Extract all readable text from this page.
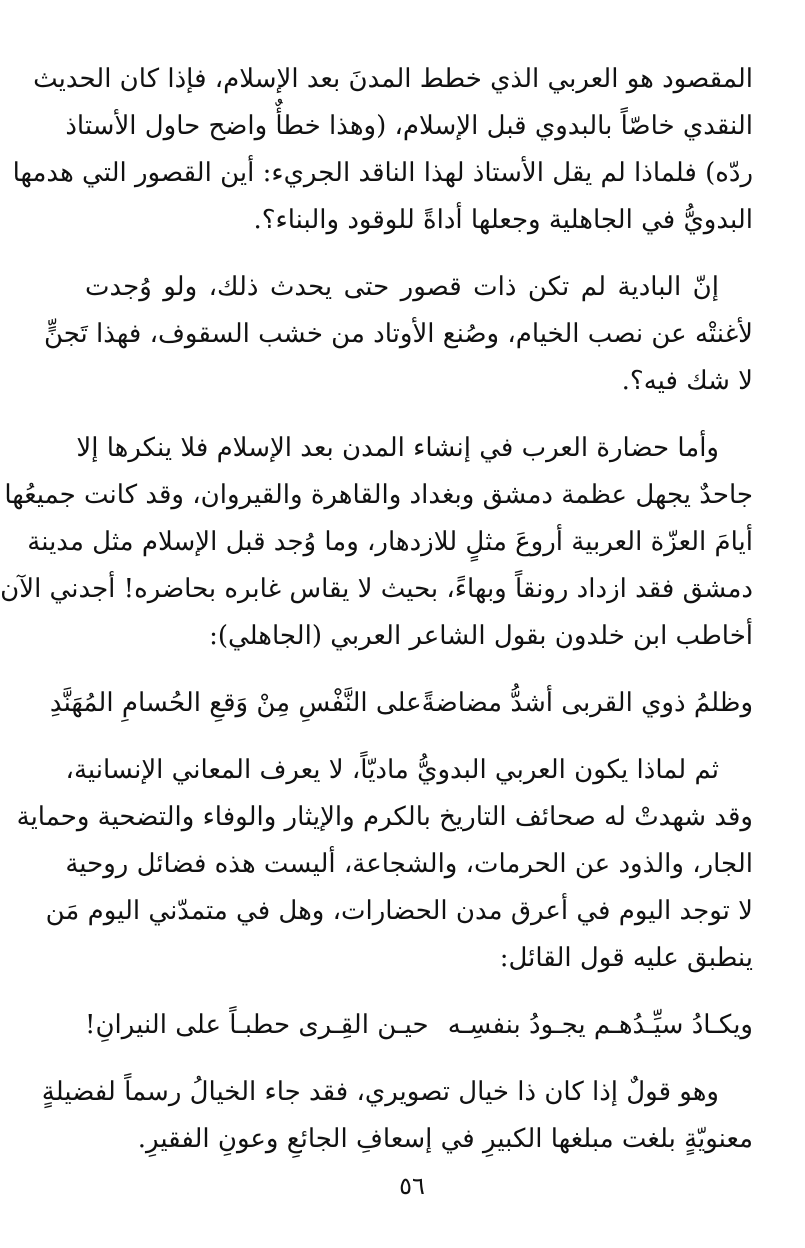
المقصود هو العربي الذي خطط المدنَ بعد الإسلام، فإذا كان الحديث
النقدي خاصّاً بالبدوي قبل الإسلام، (وهذا خطأٌ واضح حاول الأستاذ
ردّه) فلماذا لم يقل الأستاذ لهذا الناقد الجريء: أين القصور التي هدمها
البدويُّ في الجاهلية وجعلها أداةً للوقود والبناء؟.
إنّ البادية لم تكن ذات قصور حتى يحدث ذلك، ولو وُجدت
لأغنتْه عن نصب الخيام، وصُنع الأوتاد من خشب السقوف، فهذا تَجنٍّ
لا شك فيه؟.
وأما حضارة العرب في إنشاء المدن بعد الإسلام فلا ينكرها إلا
جاحدٌ يجهل عظمة دمشق وبغداد والقاهرة والقيروان، وقد كانت جميعُها
أيامَ العزّة العربية أروعَ مثلٍ للازدهار، وما وُجد قبل الإسلام مثل مدينة
دمشق فقد ازداد رونقاً وبهاءً، بحيث لا يقاس غابره بحاضره! أجدني الآن
أخاطب ابن خلدون بقول الشاعر العربي (الجاهلي):
وظلمُ ذوي القربى أشدُّ مضاضةً
على النَّفْسِ مِنْ وَقعِ الحُسامِ المُهَنَّدِ
ثم لماذا يكون العربي البدويُّ ماديّاً، لا يعرف المعاني الإنسانية،
وقد شهدتْ له صحائف التاريخ بالكرم والإيثار والوفاء والتضحية وحماية
الجار، والذود عن الحرمات، والشجاعة، أليست هذه فضائل روحية
لا توجد اليوم في أعرق مدن الحضارات، وهل في متمدّني اليوم مَن
ينطبق عليه قول القائل:
ويكـادُ سيِّـدُهـم يجـودُ بنفسِـه
حيـن القِـرى حطبـاً على النيرانِ!
وهو قولٌ إذا كان ذا خيال تصويري، فقد جاء الخيالُ رسماً لفضيلةٍ
معنويّةٍ بلغت مبلغها الكبيرِ في إسعافِ الجائعِ وعونِ الفقيرِ.
٥٦
